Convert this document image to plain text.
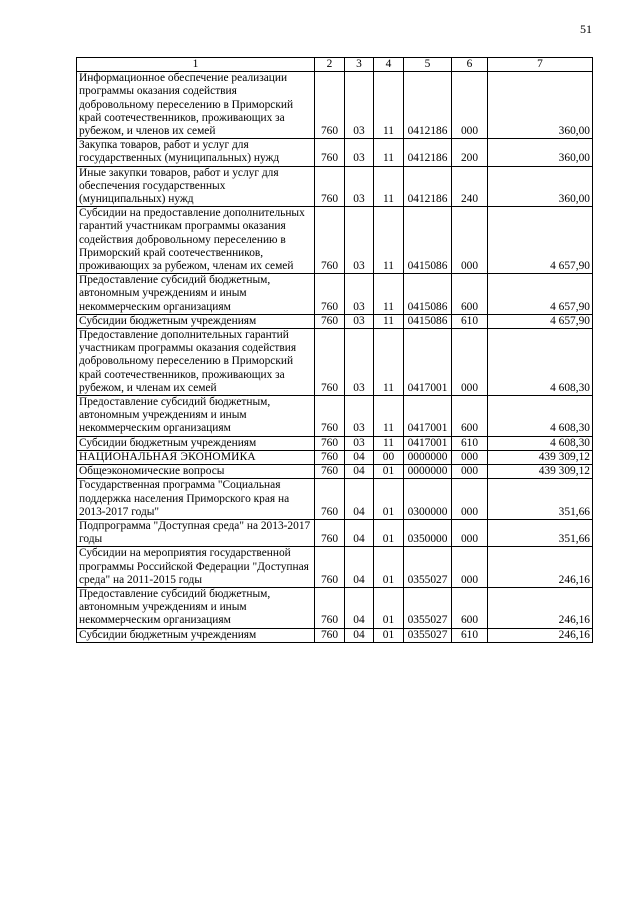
51
1	2	3	4	5	6	7
Информационное обеспечение реализации программы оказания содействия добровольному переселению в Приморский край соотечественников, проживающих за рубежом, и членов их семей	760	03	11	0412186	000	360,00
Закупка товаров, работ и услуг для государственных (муниципальных) нужд	760	03	11	0412186	200	360,00
Иные закупки товаров, работ и услуг для обеспечения государственных (муниципальных) нужд	760	03	11	0412186	240	360,00
Субсидии на предоставление дополнительных гарантий участникам программы оказания содействия добровольному переселению в Приморский край соотечественников, проживающих за рубежом, членам их семей	760	03	11	0415086	000	4 657,90
Предоставление субсидий бюджетным, автономным учреждениям и иным некоммерческим организациям	760	03	11	0415086	600	4 657,90
Субсидии бюджетным учреждениям	760	03	11	0415086	610	4 657,90
Предоставление дополнительных гарантий участникам программы оказания содействия добровольному переселению в Приморский край соотечественников, проживающих за рубежом, и членам их семей	760	03	11	0417001	000	4 608,30
Предоставление субсидий бюджетным, автономным учреждениям и иным некоммерческим организациям	760	03	11	0417001	600	4 608,30
Субсидии бюджетным учреждениям	760	03	11	0417001	610	4 608,30
НАЦИОНАЛЬНАЯ ЭКОНОМИКА	760	04	00	0000000	000	439 309,12
Общеэкономические вопросы	760	04	01	0000000	000	439 309,12
Государственная программа "Социальная поддержка населения Приморского края на 2013-2017 годы"	760	04	01	0300000	000	351,66
Подпрограмма "Доступная среда" на 2013-2017 годы	760	04	01	0350000	000	351,66
Субсидии на мероприятия государственной программы Российской Федерации "Доступная среда" на 2011-2015 годы	760	04	01	0355027	000	246,16
Предоставление субсидий бюджетным, автономным учреждениям и иным некоммерческим организациям	760	04	01	0355027	600	246,16
Субсидии бюджетным учреждениям	760	04	01	0355027	610	246,16
